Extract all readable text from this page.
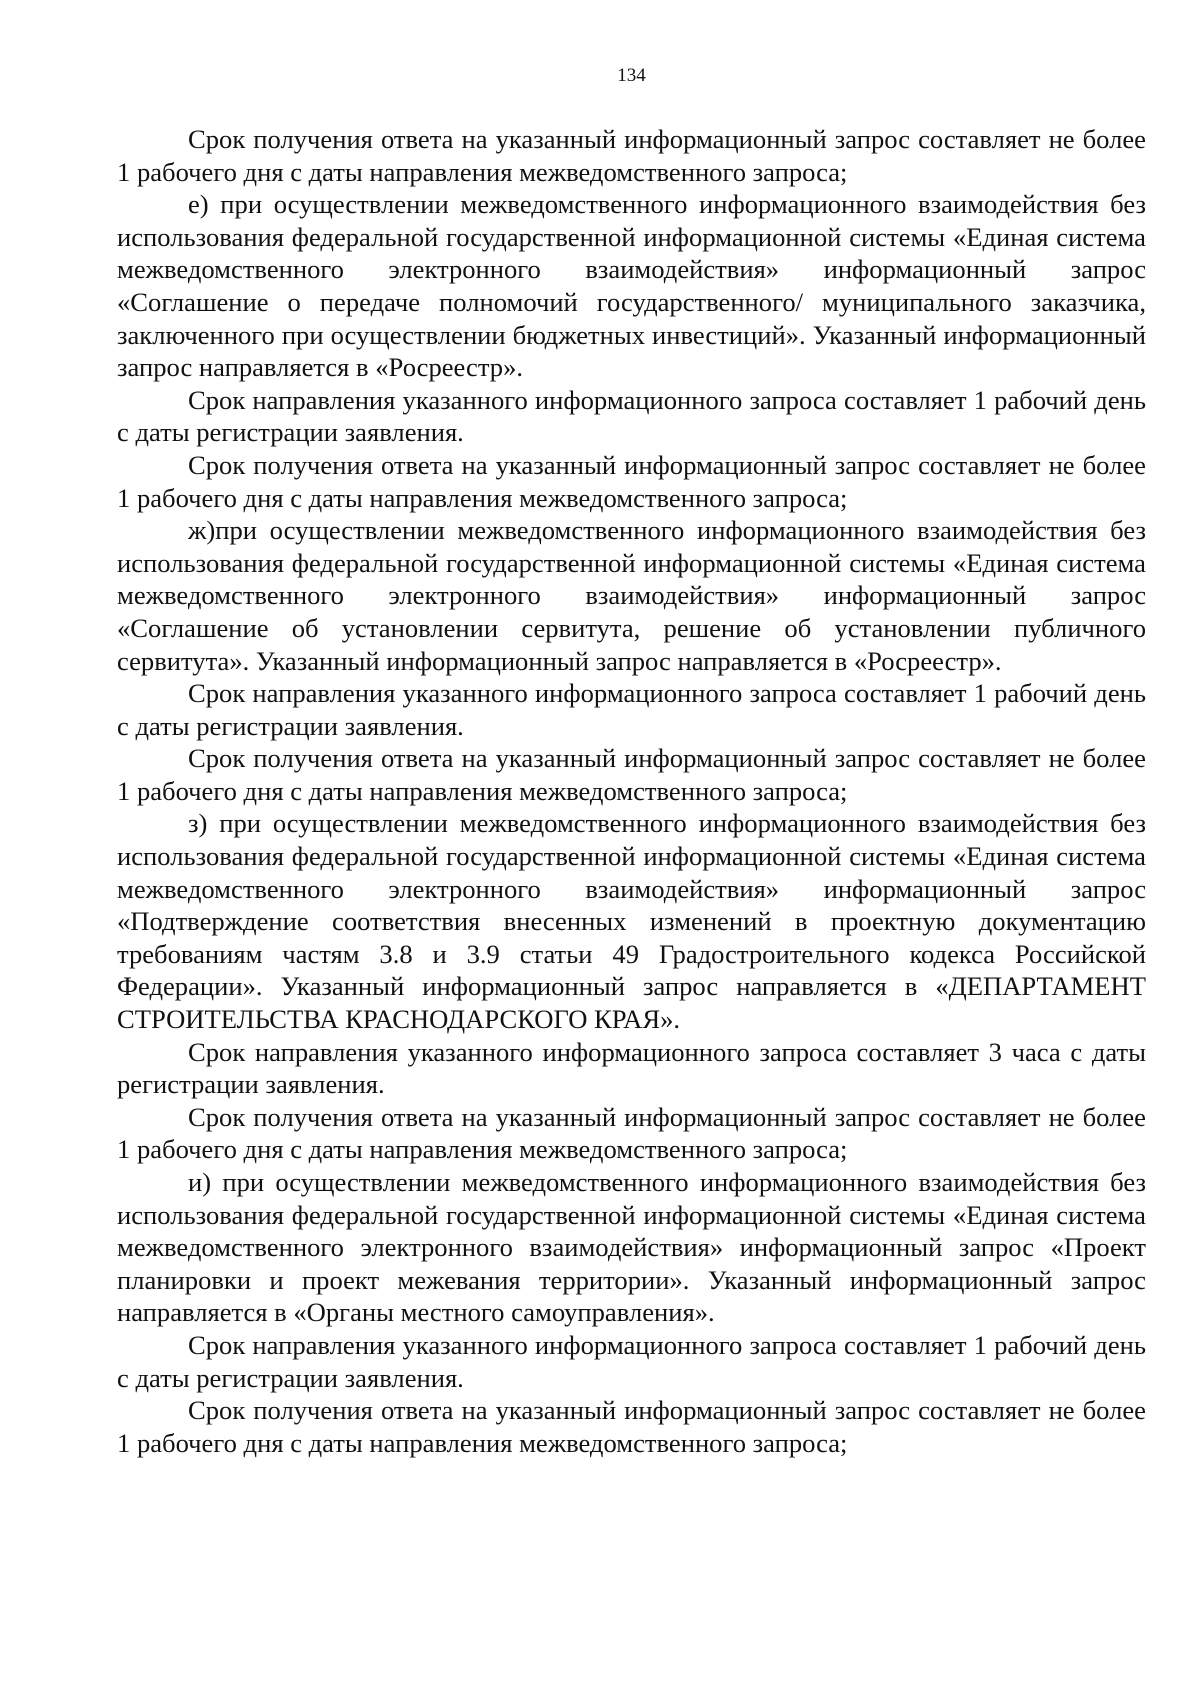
134

Срок получения ответа на указанный информационный запрос составляет не более 1 рабочего дня с даты направления межведомственного запроса;

е) при осуществлении межведомственного информационного взаимодействия без использования федеральной государственной информационной системы «Единая система межведомственного электронного взаимодействия» информационный запрос «Соглашение о передаче полномочий государственного/ муниципального заказчика, заключенного при осуществлении бюджетных инвестиций». Указанный информационный запрос направляется в «Росреестр».

Срок направления указанного информационного запроса составляет 1 рабочий день с даты регистрации заявления.

Срок получения ответа на указанный информационный запрос составляет не более 1 рабочего дня с даты направления межведомственного запроса;

ж)при осуществлении межведомственного информационного взаимодействия без использования федеральной государственной информационной системы «Единая система межведомственного электронного взаимодействия» информационный запрос «Соглашение об установлении сервитута, решение об установлении публичного сервитута». Указанный информационный запрос направляется в «Росреестр».

Срок направления указанного информационного запроса составляет 1 рабочий день с даты регистрации заявления.

Срок получения ответа на указанный информационный запрос составляет не более 1 рабочего дня с даты направления межведомственного запроса;

з) при осуществлении межведомственного информационного взаимодействия без использования федеральной государственной информационной системы «Единая система межведомственного электронного взаимодействия» информационный запрос «Подтверждение соответствия внесенных изменений в проектную документацию требованиям частям 3.8 и 3.9 статьи 49 Градостроительного кодекса Российской Федерации». Указанный информационный запрос направляется в «ДЕПАРТАМЕНТ СТРОИТЕЛЬСТВА КРАСНОДАРСКОГО КРАЯ».

Срок направления указанного информационного запроса составляет 3 часа с даты регистрации заявления.

Срок получения ответа на указанный информационный запрос составляет не более 1 рабочего дня с даты направления межведомственного запроса;

и) при осуществлении межведомственного информационного взаимодействия без использования федеральной государственной информационной системы «Единая система межведомственного электронного взаимодействия» информационный запрос «Проект планировки и проект межевания территории». Указанный информационный запрос направляется в «Органы местного самоуправления».

Срок направления указанного информационного запроса составляет 1 рабочий день с даты регистрации заявления.

Срок получения ответа на указанный информационный запрос составляет не более 1 рабочего дня с даты направления межведомственного запроса;
